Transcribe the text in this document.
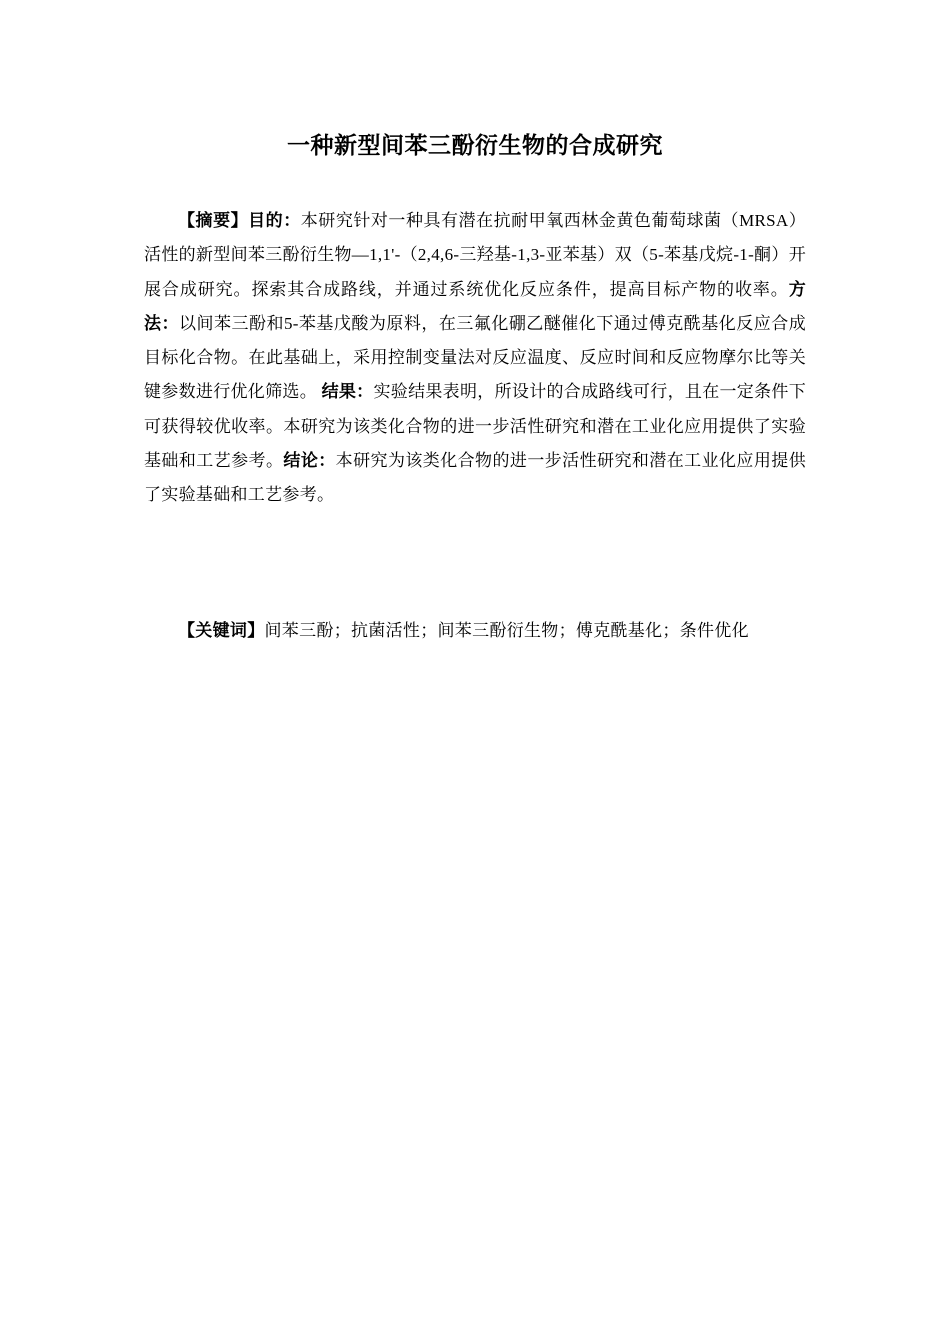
一种新型间苯三酚衍生物的合成研究

【摘要】目的：本研究针对一种具有潜在抗耐甲氧西林金黄色葡萄球菌（MRSA）活性的新型间苯三酚衍生物—1,1'-（2,4,6-三羟基-1,3-亚苯基）双（5-苯基戊烷-1-酮）开展合成研究。探索其合成路线，并通过系统优化反应条件，提高目标产物的收率。方法：以间苯三酚和5-苯基戊酸为原料，在三氟化硼乙醚催化下通过傅克酰基化反应合成目标化合物。在此基础上，采用控制变量法对反应温度、反应时间和反应物摩尔比等关键参数进行优化筛选。 结果：实验结果表明，所设计的合成路线可行，且在一定条件下可获得较优收率。本研究为该类化合物的进一步活性研究和潜在工业化应用提供了实验基础和工艺参考。结论：本研究为该类化合物的进一步活性研究和潜在工业化应用提供了实验基础和工艺参考。

【关键词】间苯三酚；抗菌活性；间苯三酚衍生物；傅克酰基化；条件优化
